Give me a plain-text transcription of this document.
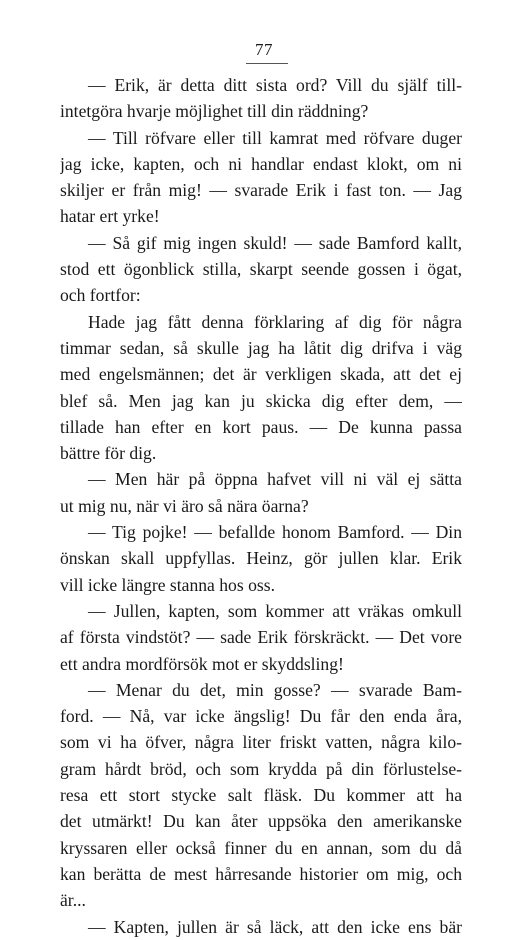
77
— Erik, är detta ditt sista ord? Vill du själf till-
intetgöra hvarje möjlighet till din räddning?
— Till röfvare eller till kamrat med röfvare duger
jag icke, kapten, och ni handlar endast klokt, om ni
skiljer er från mig! — svarade Erik i fast ton. — Jag
hatar ert yrke!
— Så gif mig ingen skuld! — sade Bamford kallt,
stod ett ögonblick stilla, skarpt seende gossen i ögat,
och fortfor:
Hade jag fått denna förklaring af dig för några
timmar sedan, så skulle jag ha låtit dig drifva i väg
med engelsmännen; det är verkligen skada, att det ej
blef så. Men jag kan ju skicka dig efter dem, —
tillade han efter en kort paus. — De kunna passa
bättre för dig.
— Men här på öppna hafvet vill ni väl ej sätta
ut mig nu, när vi äro så nära öarna?
— Tig pojke! — befallde honom Bamford. — Din
önskan skall uppfyllas. Heinz, gör jullen klar. Erik
vill icke längre stanna hos oss.
— Jullen, kapten, som kommer att vräkas omkull
af första vindstöt? — sade Erik förskräckt. — Det vore
ett andra mordförsök mot er skyddsling!
— Menar du det, min gosse? — svarade Bam-
ford. — Nå, var icke ängslig! Du får den enda åra,
som vi ha öfver, några liter friskt vatten, några kilo-
gram hårdt bröd, och som krydda på din förlustelse-
resa ett stort stycke salt fläsk. Du kommer att ha
det utmärkt! Du kan åter uppsöka den amerikanske
kryssaren eller också finner du en annan, som du då
kan berätta de mest hårresande historier om mig, och
är...
— Kapten, jullen är så läck, att den icke ens bär
